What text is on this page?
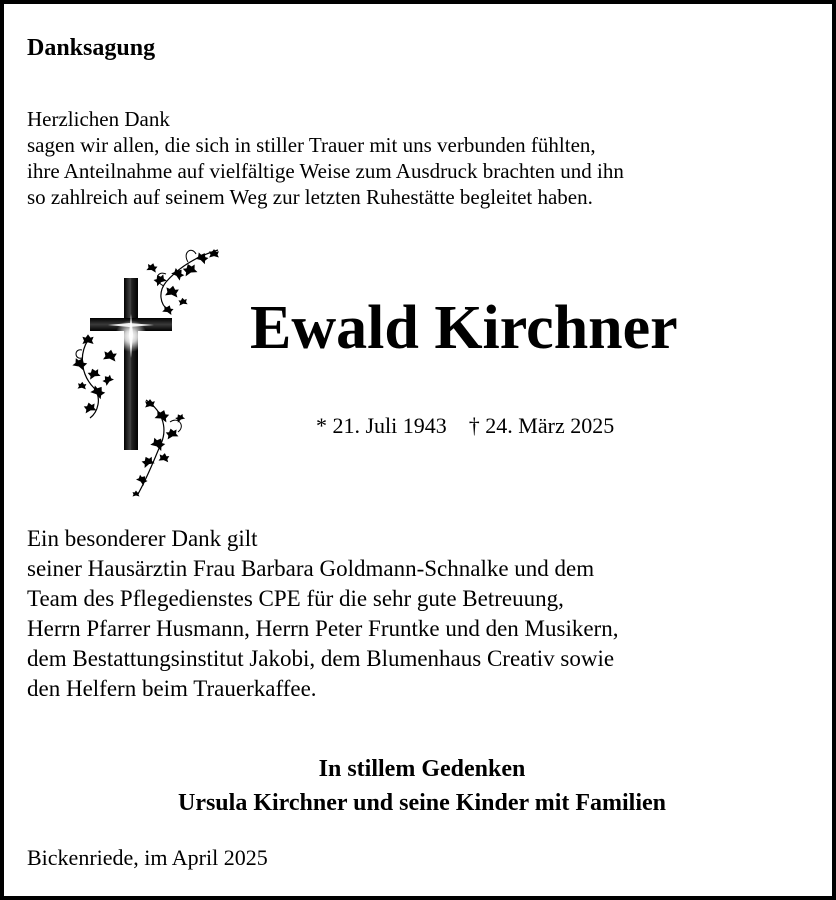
Danksagung
Herzlichen Dank
sagen wir allen, die sich in stiller Trauer mit uns verbunden fühlten,
ihre Anteilnahme auf vielfältige Weise zum Ausdruck brachten und ihn
so zahlreich auf seinem Weg zur letzten Ruhestätte begleitet haben.
Ewald Kirchner
* 21. Juli 1943 † 24. März 2025
Ein besonderer Dank gilt
seiner Hausärztin Frau Barbara Goldmann-Schnalke und dem
Team des Pflegedienstes CPE für die sehr gute Betreuung,
Herrn Pfarrer Husmann, Herrn Peter Fruntke und den Musikern,
dem Bestattungsinstitut Jakobi, dem Blumenhaus Creativ sowie
den Helfern beim Trauerkaffee.
In stillem Gedenken
Ursula Kirchner und seine Kinder mit Familien
Bickenriede, im April 2025
